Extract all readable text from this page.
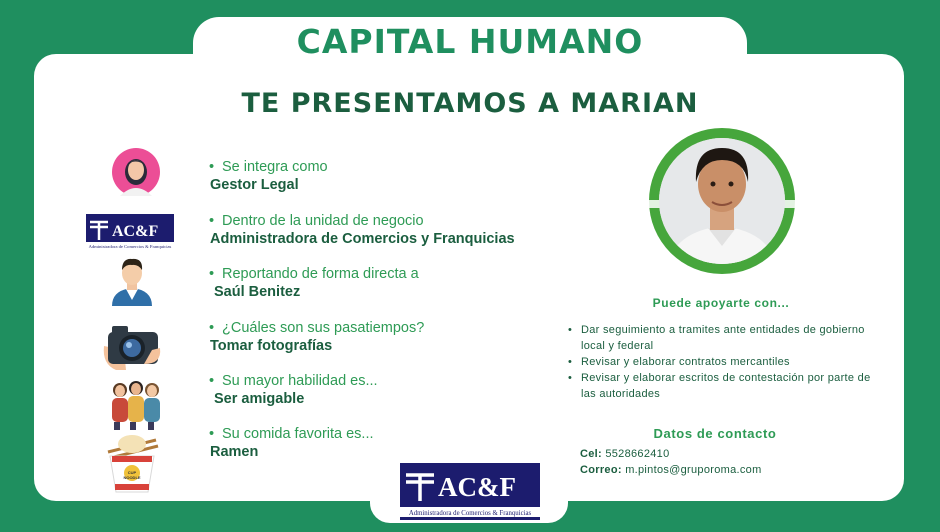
CAPITAL HUMANO
TE PRESENTAMOS A MARIAN
• Se integra como
Gestor Legal
AC&F
Administradora de Comercios & Franquicias
• Dentro de la unidad de negocio
Administradora de Comercios y Franquicias
• Reportando de forma directa a
Saúl Benitez
• ¿Cuáles son sus pasatiempos?
Tomar fotografías
• Su mayor habilidad es...
Ser amigable
CUP
NOODLE
• Su comida favorita es...
Ramen
Puede apoyarte con...
• Dar seguimiento a tramites ante entidades de gobierno local y federal
• Revisar y elaborar contratos mercantiles
• Revisar y elaborar escritos de contestación por parte de las autoridades
Datos de contacto
Cel: 5528662410
Correo: m.pintos@gruporoma.com
AC&F
Administradora de Comercios & Franquicias
